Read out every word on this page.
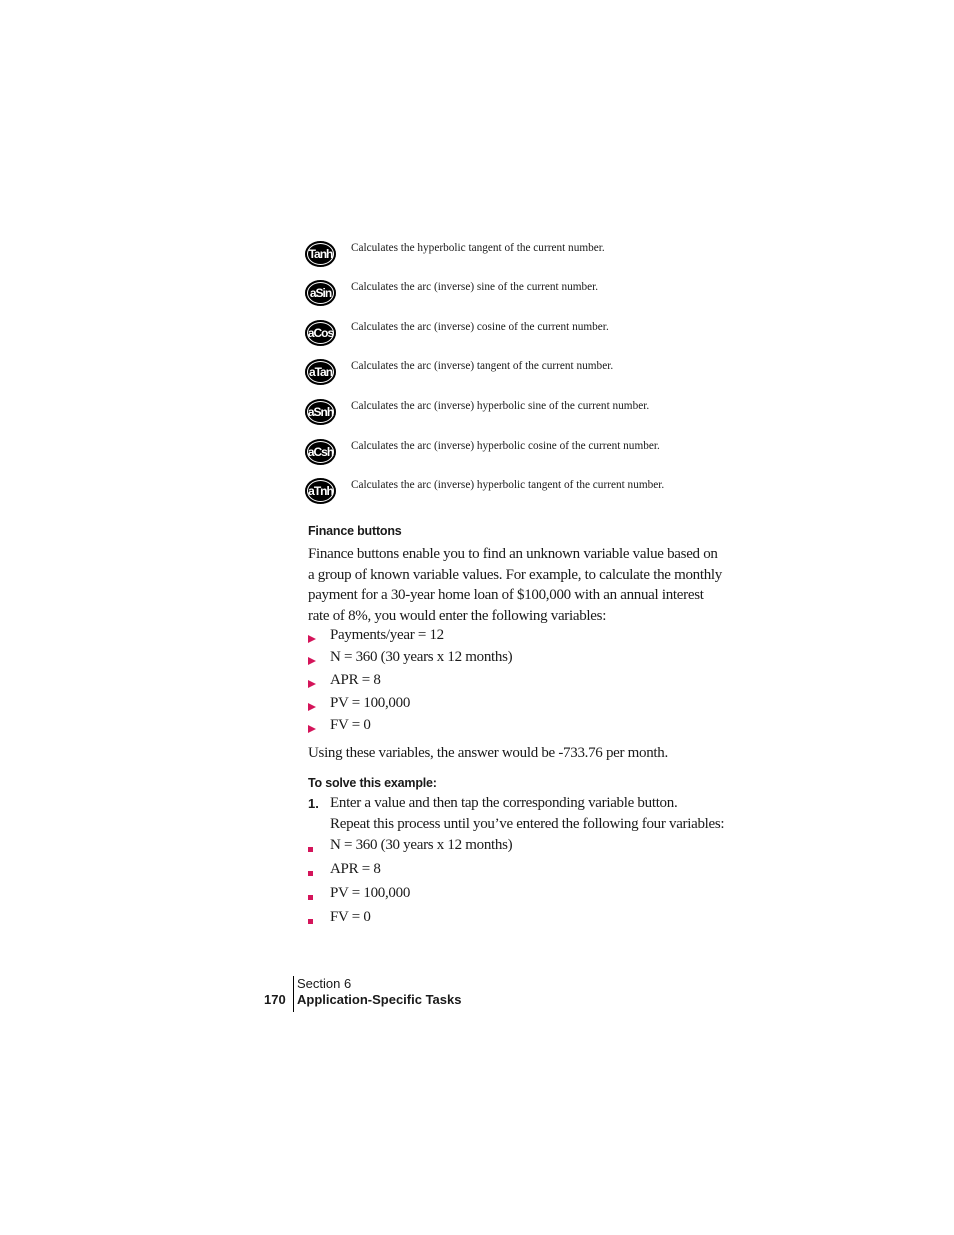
Tanh	Calculates the hyperbolic tangent of the current number.
aSin	Calculates the arc (inverse) sine of the current number.
aCos Calculates the arc (inverse) cosine of the current number.
aTan	Calculates the arc (inverse) tangent of the current number.
aSnh Calculates the arc (inverse) hyperbolic sine of the current number.
aCsh Calculates the arc (inverse) hyperbolic cosine of the current number.
aTnh Calculates the arc (inverse) hyperbolic tangent of the current number.
Finance buttons

Finance buttons enable you to find an unknown variable value based on

a group of known variable values. For example, to calculate the monthly

payment for a 30-year home loan of $100,000 with an annual interest

rate of 8%, you would enter the following variables:

Payments/year = 12
N = 360 (30 years x 12 months)
APR = 8
PV = 100,000
FV = 0

Using these variables, the answer would be -733.76 per month.

To solve this example:
1. Enter a value and then tap the corresponding variable button.

Repeat this process until you’ve entered the following four variables:

N = 360 (30 years x 12 months)
APR = 8
PV = 100,000
FV = 0
170
Section 6
Application-Specific Tasks
